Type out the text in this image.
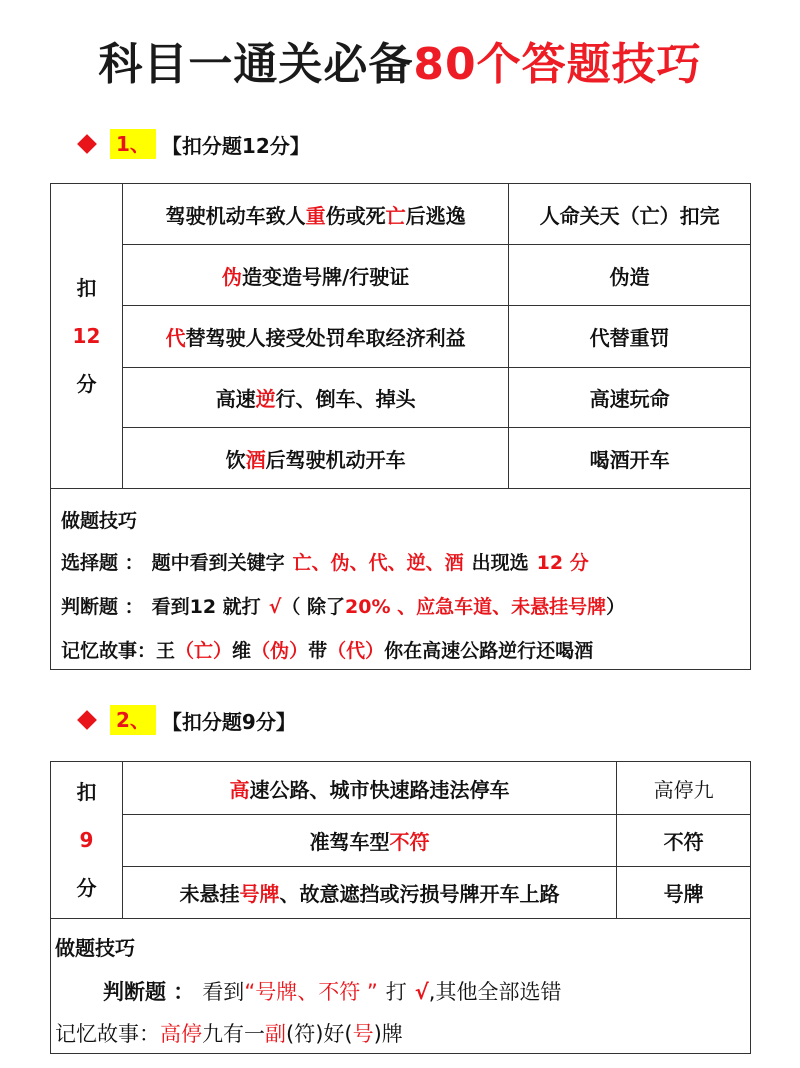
科目一通关必备80个答题技巧
1、 【扣分题12分】
扣
12
分	驾驶机动车致人重伤或死亡后逃逸	人命关天（亡）扣完
	伪造变造号牌/行驶证	伪造
	代替驾驶人接受处罚牟取经济利益	代替重罚
	高速逆行、倒车、掉头	高速玩命
	饮酒后驾驶机动开车	喝酒开车
做题技巧
选择题 ： 题中看到关键字 亡、伪、代、逆、酒 出现选 12 分
判断题 ： 看到12 就打 √（ 除了20% 、应急车道、未悬挂号牌）
记忆故事：王（亡）维（伪）带（代）你在高速公路逆行还喝酒
2、 【扣分题9分】
扣
9
分	高速公路、城市快速路违法停车	高停九
	准驾车型不符	不符
	未悬挂号牌、故意遮挡或污损号牌开车上路	号牌
做题技巧
判断题 ： 看到“号牌、不符 ” 打 √,其他全部选错
记忆故事：高停九有一副(符)好(号)牌
